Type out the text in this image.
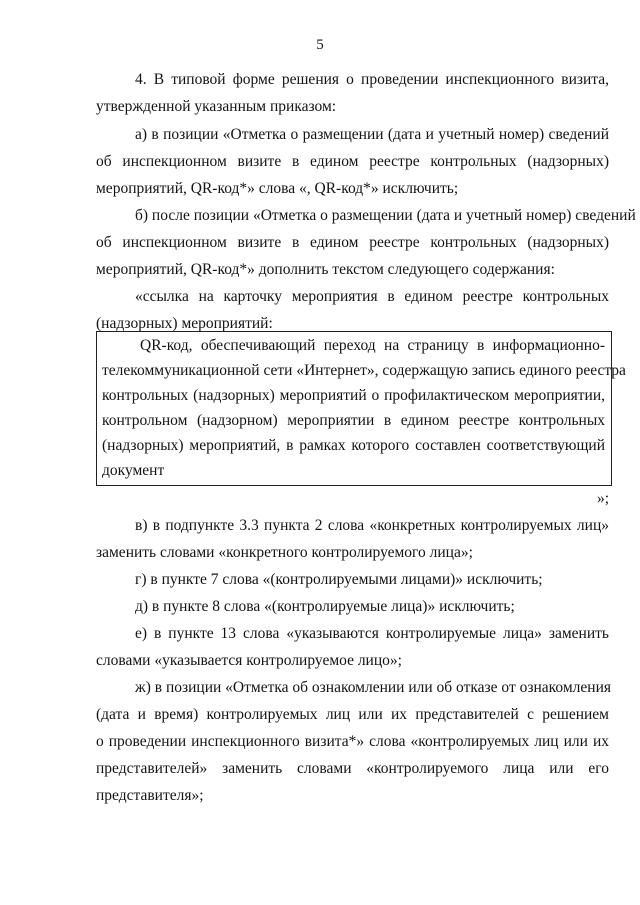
5
4. В типовой форме решения о проведении инспекционного визита,
утвержденной указанным приказом:
а) в позиции «Отметка о размещении (дата и учетный номер) сведений
об инспекционном визите в едином реестре контрольных (надзорных)
мероприятий, QR-код*» слова «, QR-код*» исключить;
б) после позиции «Отметка о размещении (дата и учетный номер) сведений
об инспекционном визите в едином реестре контрольных (надзорных)
мероприятий, QR-код*» дополнить текстом следующего содержания:
«ссылка на карточку мероприятия в едином реестре контрольных
(надзорных) мероприятий:
QR-код, обеспечивающий переход на страницу в информационно-
телекоммуникационной сети «Интернет», содержащую запись единого реестра
контрольных (надзорных) мероприятий о профилактическом мероприятии,
контрольном (надзорном) мероприятии в едином реестре контрольных
(надзорных) мероприятий, в рамках которого составлен соответствующий
документ
»;
в) в подпункте 3.3 пункта 2 слова «конкретных контролируемых лиц»
заменить словами «конкретного контролируемого лица»;
г) в пункте 7 слова «(контролируемыми лицами)» исключить;
д) в пункте 8 слова «(контролируемые лица)» исключить;
е) в пункте 13 слова «указываются контролируемые лица» заменить
словами «указывается контролируемое лицо»;
ж) в позиции «Отметка об ознакомлении или об отказе от ознакомления
(дата и время) контролируемых лиц или их представителей с решением
о проведении инспекционного визита*» слова «контролируемых лиц или их
представителей» заменить словами «контролируемого лица или его
представителя»;
